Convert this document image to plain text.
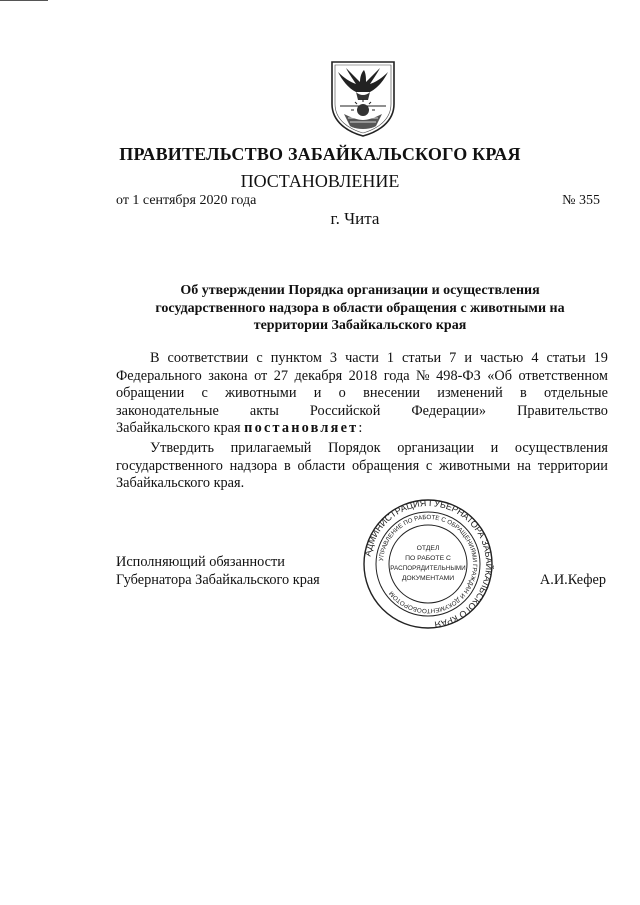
ПРАВИТЕЛЬСТВО ЗАБАЙКАЛЬСКОГО КРАЯ
ПОСТАНОВЛЕНИЕ
от 1 сентября 2020 года	№ 355
г. Чита
Об утверждении Порядка организации и осуществления
государственного надзора в области обращения с животными на
территории Забайкальского края
В соответствии с пунктом 3 части 1 статьи 7 и частью 4 статьи 19
Федерального закона от 27 декабря 2018 года № 498-ФЗ «Об ответственном
обращении с животными и о внесении изменений в отдельные
законодательные акты Российской Федерации» Правительство
Забайкальского края постановляет :
Утвердить прилагаемый Порядок организации и осуществления
государственного надзора в области обращения с животными на территории
Забайкальского края.
Исполняющий обязанности
Губернатора Забайкальского края	А.И.Кефер
АДМИНИСТРАЦИЯ ГУБЕРНАТОРА ЗАБАЙКАЛЬСКОГО КРАЯ
УПРАВЛЕНИЕ ПО РАБОТЕ С ОБРАЩЕНИЯМИ ГРАЖДАН И ДОКУМЕНТООБОРОТОМ
ОТДЕЛ
ПО РАБОТЕ С
РАСПОРЯДИТЕЛЬНЫМИ
ДОКУМЕНТАМИ
